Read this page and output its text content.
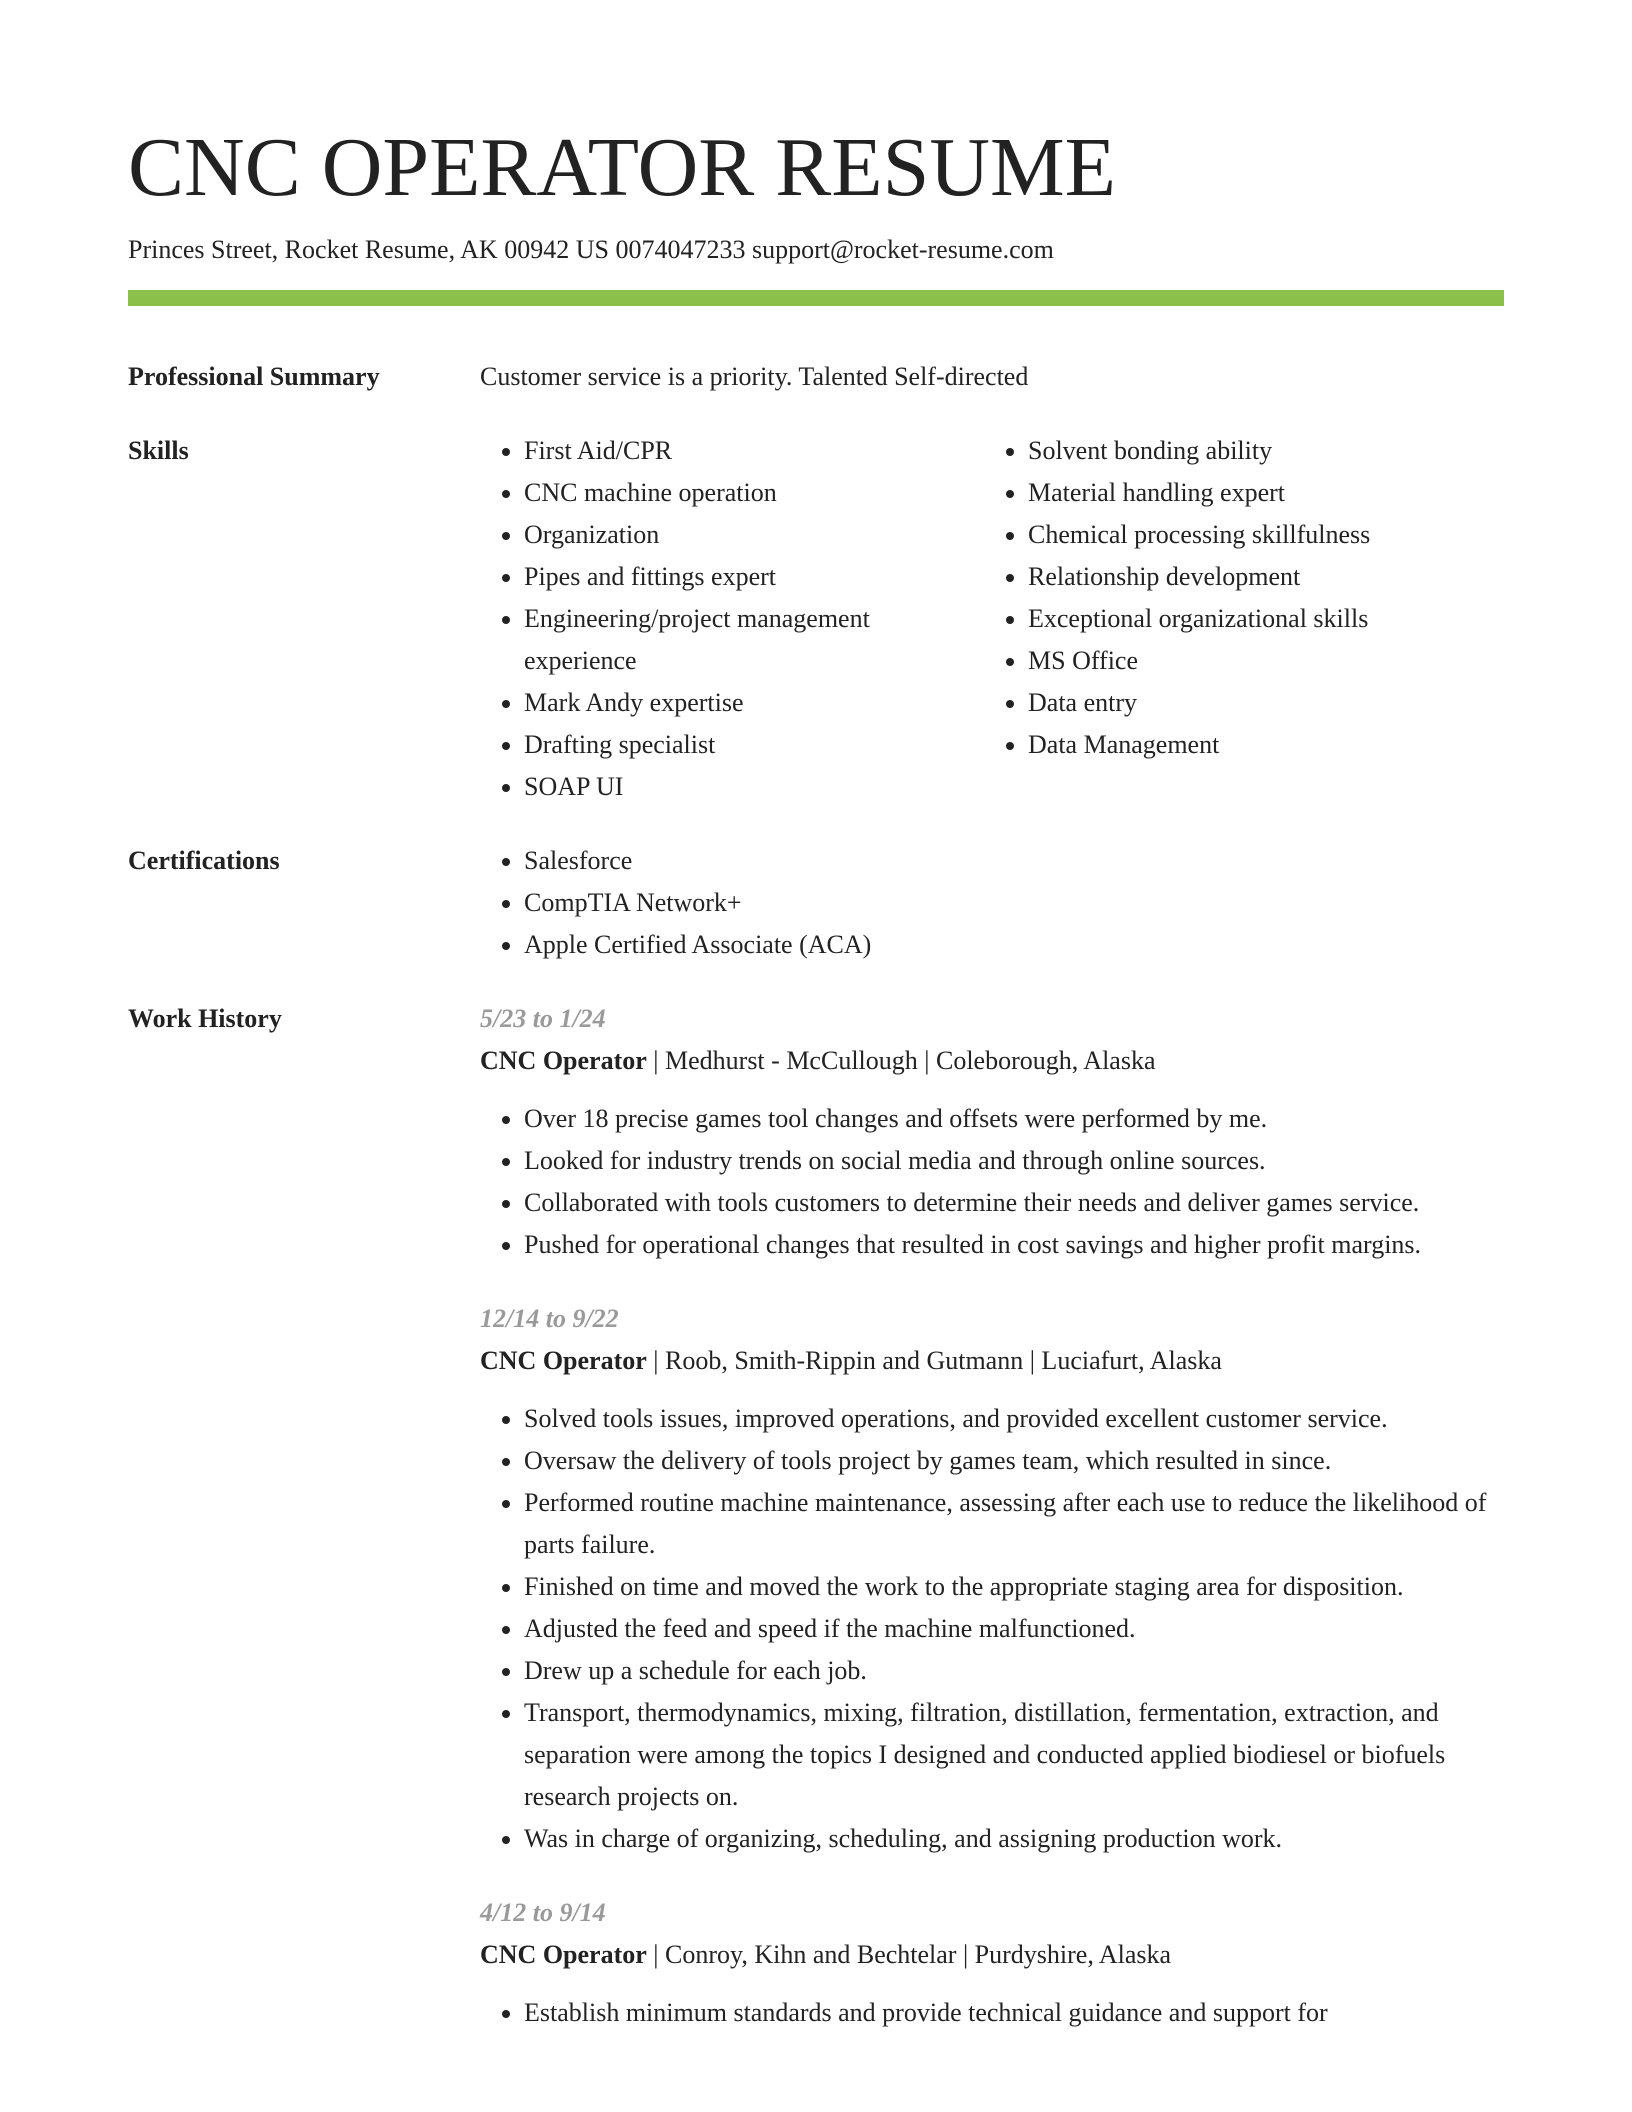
CNC OPERATOR RESUME
Princes Street, Rocket Resume, AK 00942 US 0074047233 support@rocket-resume.com
Professional Summary	Customer service is a priority. Talented Self-directed
Skills	• First Aid/CPR
• CNC machine operation
• Organization
• Pipes and fittings expert
• Engineering/project management experience
• Mark Andy expertise
• Drafting specialist
• SOAP UI
• Solvent bonding ability
• Material handling expert
• Chemical processing skillfulness
• Relationship development
• Exceptional organizational skills
• MS Office
• Data entry
• Data Management
Certifications	• Salesforce
• CompTIA Network+
• Apple Certified Associate (ACA)
Work History	5/23 to 1/24
CNC Operator | Medhurst - McCullough | Coleborough, Alaska
• Over 18 precise games tool changes and offsets were performed by me.
• Looked for industry trends on social media and through online sources.
• Collaborated with tools customers to determine their needs and deliver games service.
• Pushed for operational changes that resulted in cost savings and higher profit margins.
12/14 to 9/22
CNC Operator | Roob, Smith-Rippin and Gutmann | Luciafurt, Alaska
• Solved tools issues, improved operations, and provided excellent customer service.
• Oversaw the delivery of tools project by games team, which resulted in since.
• Performed routine machine maintenance, assessing after each use to reduce the likelihood of parts failure.
• Finished on time and moved the work to the appropriate staging area for disposition.
• Adjusted the feed and speed if the machine malfunctioned.
• Drew up a schedule for each job.
• Transport, thermodynamics, mixing, filtration, distillation, fermentation, extraction, and separation were among the topics I designed and conducted applied biodiesel or biofuels research projects on.
• Was in charge of organizing, scheduling, and assigning production work.
4/12 to 9/14
CNC Operator | Conroy, Kihn and Bechtelar | Purdyshire, Alaska
• Establish minimum standards and provide technical guidance and support for
